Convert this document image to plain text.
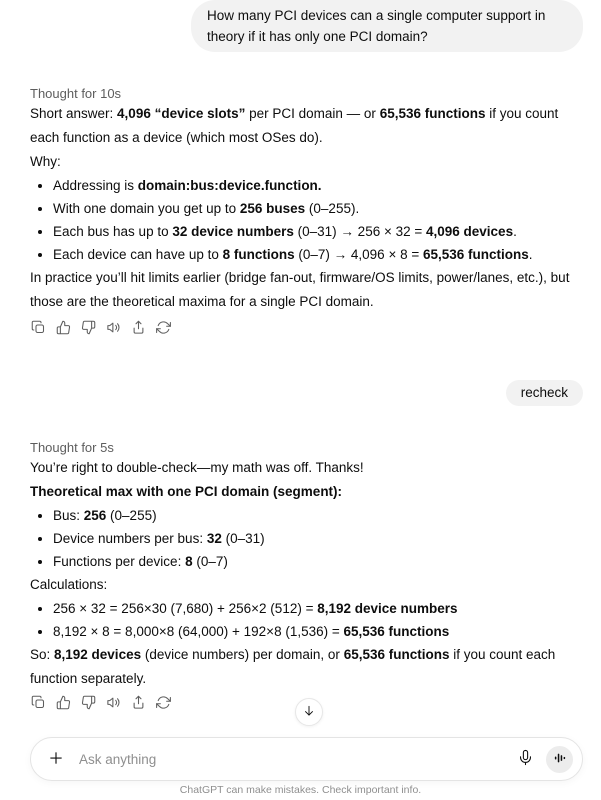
How many PCI devices can a single computer support in theory if it has only one PCI domain?
Thought for 10s

Short answer: 4,096 “device slots” per PCI domain — or 65,536 functions if you count each function as a device (which most OSes do).

Why:

• Addressing is domain:bus:device.function.
• With one domain you get up to 256 buses (0–255).
• Each bus has up to 32 device numbers (0–31) → 256 × 32 = 4,096 devices.
• Each device can have up to 8 functions (0–7) → 4,096 × 8 = 65,536 functions.

In practice you’ll hit limits earlier (bridge fan-out, firmware/OS limits, power/lanes, etc.), but those are the theoretical maxima for a single PCI domain.

recheck
Thought for 5s

You’re right to double-check—my math was off. Thanks!

Theoretical max with one PCI domain (segment):

• Bus: 256 (0–255)
• Device numbers per bus: 32 (0–31)
• Functions per device: 8 (0–7)

Calculations:

• 256 × 32 = 256×30 (7,680) + 256×2 (512) = 8,192 device numbers
• 8,192 × 8 = 8,000×8 (64,000) + 192×8 (1,536) = 65,536 functions

So: 8,192 devices (device numbers) per domain, or 65,536 functions if you count each function separately.

Ask anything
ChatGPT can make mistakes. Check important info.
